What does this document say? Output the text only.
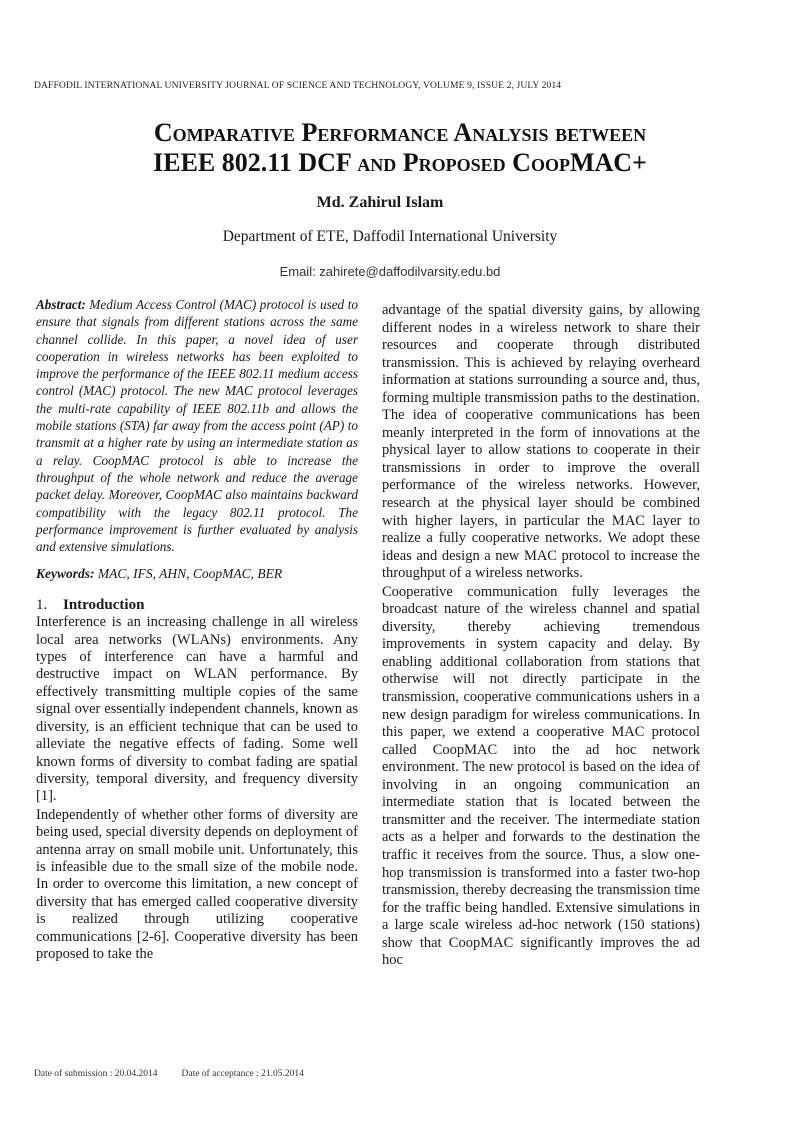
DAFFODIL INTERNATIONAL UNIVERSITY JOURNAL OF SCIENCE AND TECHNOLOGY, VOLUME 9, ISSUE 2, JULY 2014
Comparative Performance Analysis between
IEEE 802.11 DCF and Proposed CoopMAC+
Md. Zahirul Islam
Department of ETE, Daffodil International University
Email: zahirete@daffodilvarsity.edu.bd

Abstract: Medium Access Control (MAC) protocol is used to ensure that signals from different stations across the same channel collide. In this paper, a novel idea of user cooperation in wireless networks has been exploited to improve the performance of the IEEE 802.11 medium access control (MAC) protocol. The new MAC protocol leverages the multi-rate capability of IEEE 802.11b and allows the mobile stations (STA) far away from the access point (AP) to transmit at a higher rate by using an intermediate station as a relay. CoopMAC protocol is able to increase the throughput of the whole network and reduce the average packet delay. Moreover, CoopMAC also maintains backward compatibility with the legacy 802.11 protocol. The performance improvement is further evaluated by analysis and extensive simulations.

Keywords: MAC, IFS, AHN, CoopMAC, BER

1. Introduction

Interference is an increasing challenge in all wireless local area networks (WLANs) environments. Any types of interference can have a harmful and destructive impact on WLAN performance. By effectively transmitting multiple copies of the same signal over essentially independent channels, known as diversity, is an efficient technique that can be used to alleviate the negative effects of fading. Some well known forms of diversity to combat fading are spatial diversity, temporal diversity, and frequency diversity [1].

Independently of whether other forms of diversity are being used, special diversity depends on deployment of antenna array on small mobile unit. Unfortunately, this is infeasible due to the small size of the mobile node. In order to overcome this limitation, a new concept of diversity that has emerged called cooperative diversity is realized through utilizing cooperative communications [2-6]. Cooperative diversity has been proposed to take the

advantage of the spatial diversity gains, by allowing different nodes in a wireless network to share their resources and cooperate through distributed transmission. This is achieved by relaying overheard information at stations surrounding a source and, thus, forming multiple transmission paths to the destination. The idea of cooperative communications has been meanly interpreted in the form of innovations at the physical layer to allow stations to cooperate in their transmissions in order to improve the overall performance of the wireless networks. However, research at the physical layer should be combined with higher layers, in particular the MAC layer to realize a fully cooperative networks. We adopt these ideas and design a new MAC protocol to increase the throughput of a wireless networks.

Cooperative communication fully leverages the broadcast nature of the wireless channel and spatial diversity, thereby achieving tremendous improvements in system capacity and delay. By enabling additional collaboration from stations that otherwise will not directly participate in the transmission, cooperative communications ushers in a new design paradigm for wireless communications. In this paper, we extend a cooperative MAC protocol called CoopMAC into the ad hoc network environment. The new protocol is based on the idea of involving in an ongoing communication an intermediate station that is located between the transmitter and the receiver. The intermediate station acts as a helper and forwards to the destination the traffic it receives from the source. Thus, a slow one-hop transmission is transformed into a faster two-hop transmission, thereby decreasing the transmission time for the traffic being handled. Extensive simulations in a large scale wireless ad-hoc network (150 stations) show that CoopMAC significantly improves the ad hoc

Date of submission : 20.04.2014	Date of acceptance : 21.05.2014
